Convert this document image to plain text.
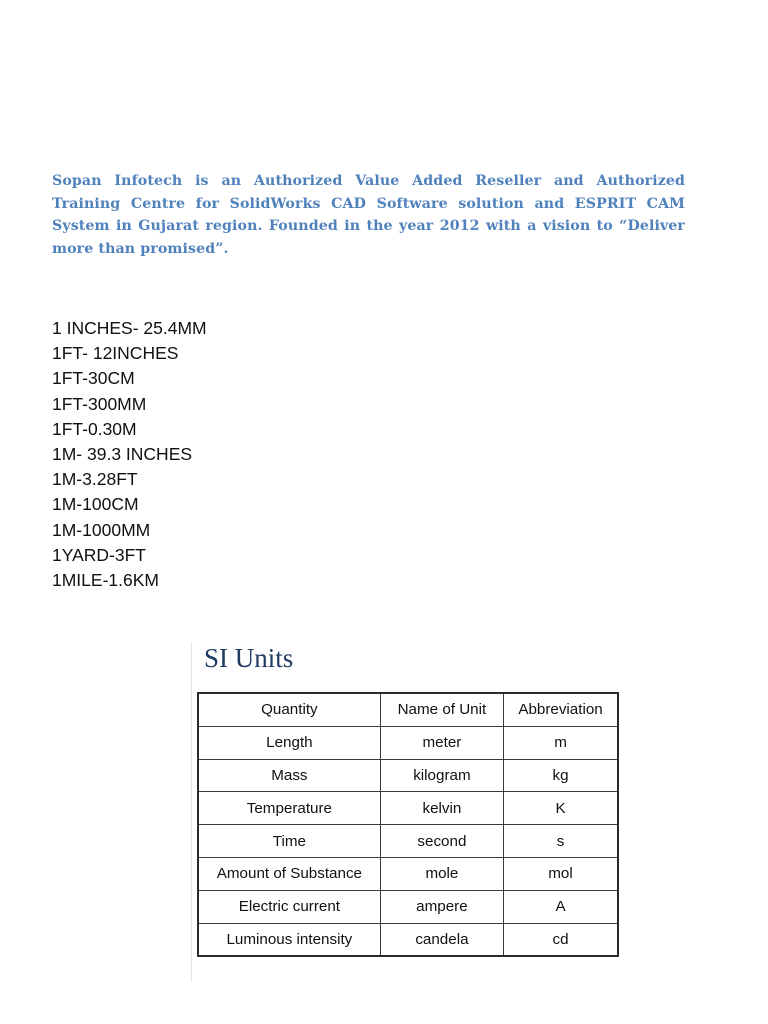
Sopan Infotech is an Authorized Value Added Reseller and Authorized Training Centre for SolidWorks CAD Software solution and ESPRIT CAM System in Gujarat region. Founded in the year 2012 with a vision to “Deliver more than promised”.

1 INCHES- 25.4MM
1FT- 12INCHES
1FT-30CM
1FT-300MM
1FT-0.30M
1M- 39.3 INCHES
1M-3.28FT
1M-100CM
1M-1000MM
1YARD-3FT
1MILE-1.6KM
SI Units
Quantity	Name of Unit	Abbreviation
Length	meter	m
Mass	kilogram	kg
Temperature	kelvin	K
Time	second	s
Amount of Substance	mole	mol
Electric current	ampere	A
Luminous intensity	candela	cd
